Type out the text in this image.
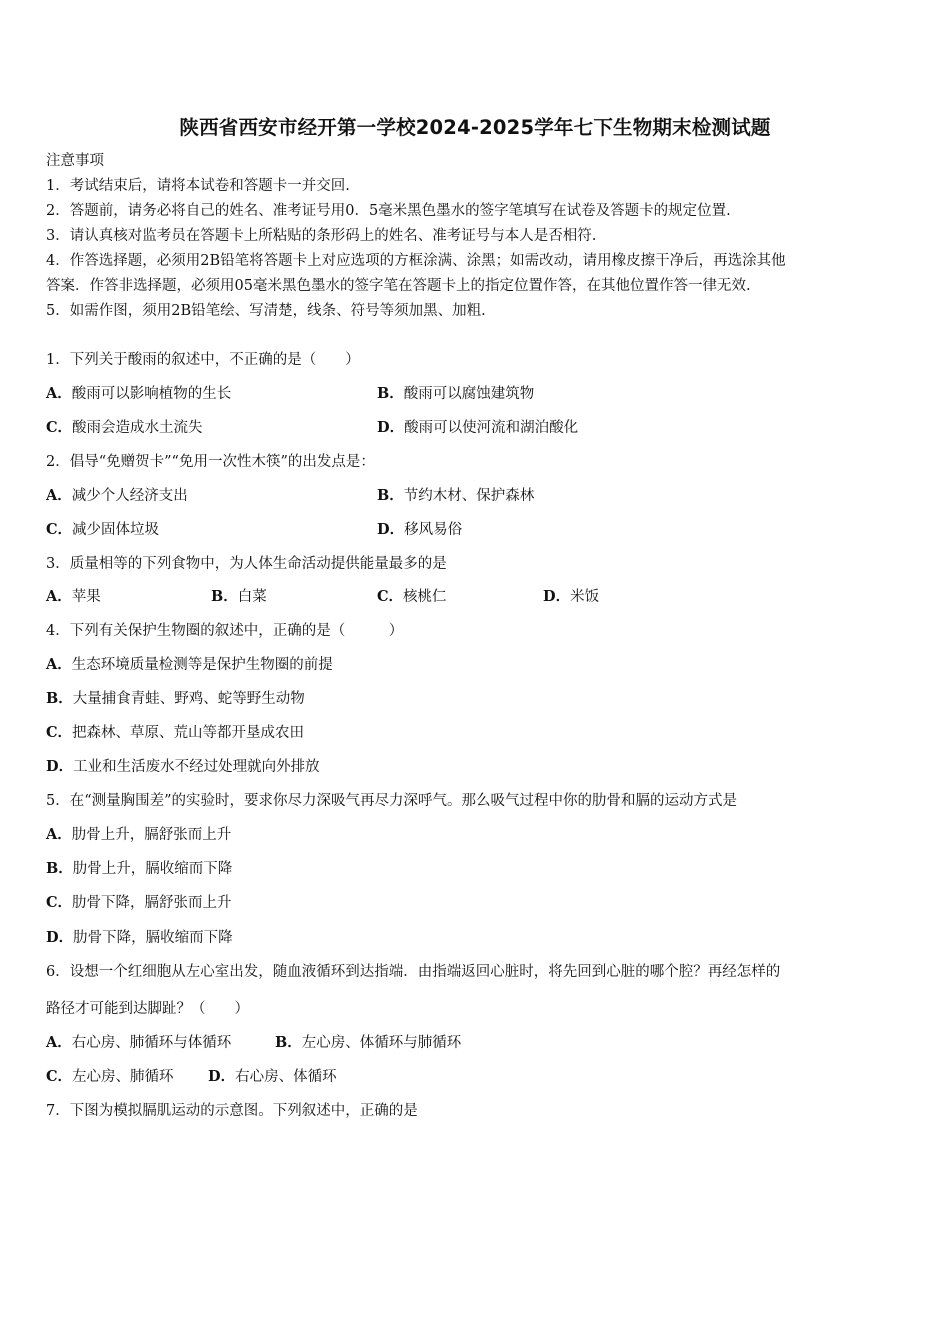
陕西省西安市经开第一学校2024-2025学年七下生物期末检测试题
注意事项
1．考试结束后，请将本试卷和答题卡一并交回.
2．答题前，请务必将自己的姓名、准考证号用0．5毫米黑色墨水的签字笔填写在试卷及答题卡的规定位置.
3．请认真核对监考员在答题卡上所粘贴的条形码上的姓名、准考证号与本人是否相符.
4．作答选择题，必须用2B铅笔将答题卡上对应选项的方框涂满、涂黑；如需改动，请用橡皮擦干净后，再选涂其他
答案．作答非选择题，必须用05毫米黑色墨水的签字笔在答题卡上的指定位置作答，在其他位置作答一律无效.
5．如需作图，须用2B铅笔绘、写清楚，线条、符号等须加黑、加粗.
1．下列关于酸雨的叙述中，不正确的是（　　）
A．酸雨可以影响植物的生长	B．酸雨可以腐蚀建筑物
C．酸雨会造成水土流失	D．酸雨可以使河流和湖泊酸化
2．倡导“免赠贺卡”“免用一次性木筷”的出发点是：
A．减少个人经济支出	B．节约木材、保护森林
C．减少固体垃圾	D．移风易俗
3．质量相等的下列食物中，为人体生命活动提供能量最多的是
A．苹果	B．白菜	C．核桃仁	D．米饭
4．下列有关保护生物圈的叙述中，正确的是（　　　）
A．生态环境质量检测等是保护生物圈的前提
B．大量捕食青蛙、野鸡、蛇等野生动物
C．把森林、草原、荒山等都开垦成农田
D．工业和生活废水不经过处理就向外排放
5．在“测量胸围差”的实验时，要求你尽力深吸气再尽力深呼气。那么吸气过程中你的肋骨和膈的运动方式是
A．肋骨上升，膈舒张而上升
B．肋骨上升，膈收缩而下降
C．肋骨下降，膈舒张而上升
D．肋骨下降，膈收缩而下降
6．设想一个红细胞从左心室出发，随血液循环到达指端．由指端返回心脏时，将先回到心脏的哪个腔？再经怎样的
路径才可能到达脚趾？（　　）
A．右心房、肺循环与体循环	B．左心房、体循环与肺循环
C．左心房、肺循环 D．右心房、体循环
7．下图为模拟膈肌运动的示意图。下列叙述中，正确的是
